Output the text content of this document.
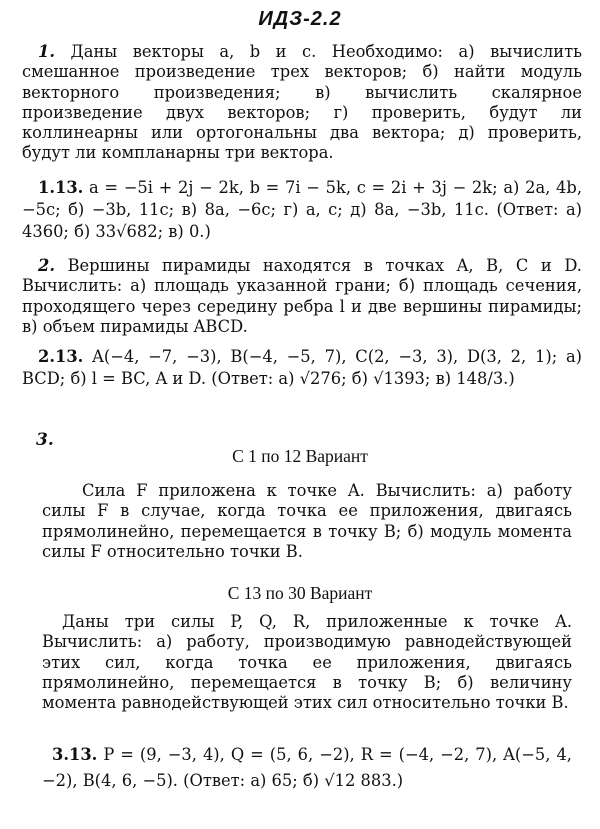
ИДЗ-2.2
1. Даны векторы a, b и c. Необходимо: а) вычислить смешанное произведение трех векторов; б) найти модуль векторного произведения; в) вычислить скалярное произведение двух векторов; г) проверить, будут ли коллинеарны или ортогональны два вектора; д) проверить, будут ли компланарны три вектора.
1.13. a = −5i + 2j − 2k, b = 7i − 5k, c = 2i + 3j − 2k; а) 2a, 4b, −5c; б) −3b, 11c; в) 8a, −6c; г) a, c; д) 8a, −3b, 11c. (Ответ: а) 4360; б) 33√682; в) 0.)
2. Вершины пирамиды находятся в точках A, B, C и D. Вычислить: а) площадь указанной грани; б) площадь сечения, проходящего через середину ребра l и две вершины пирамиды; в) объем пирамиды ABCD.
2.13. A(−4, −7, −3), B(−4, −5, 7), C(2, −3, 3), D(3, 2, 1); а) BCD; б) l = BC, A и D. (Ответ: а) √276; б) √1393; в) 148/3.)
3.
С 1 по 12 Вариант
Сила F приложена к точке A. Вычислить: а) работу силы F в случае, когда точка ее приложения, двигаясь прямолинейно, перемещается в точку B; б) модуль момента силы F относительно точки B.
С 13 по 30 Вариант
Даны три силы P, Q, R, приложенные к точке A. Вычислить: а) работу, производимую равнодействующей этих сил, когда точка ее приложения, двигаясь прямолинейно, перемещается в точку B; б) величину момента равнодействующей этих сил относительно точки B.
3.13. P = (9, −3, 4), Q = (5, 6, −2), R = (−4, −2, 7), A(−5, 4, −2), B(4, 6, −5). (Ответ: а) 65; б) √12 883.)
